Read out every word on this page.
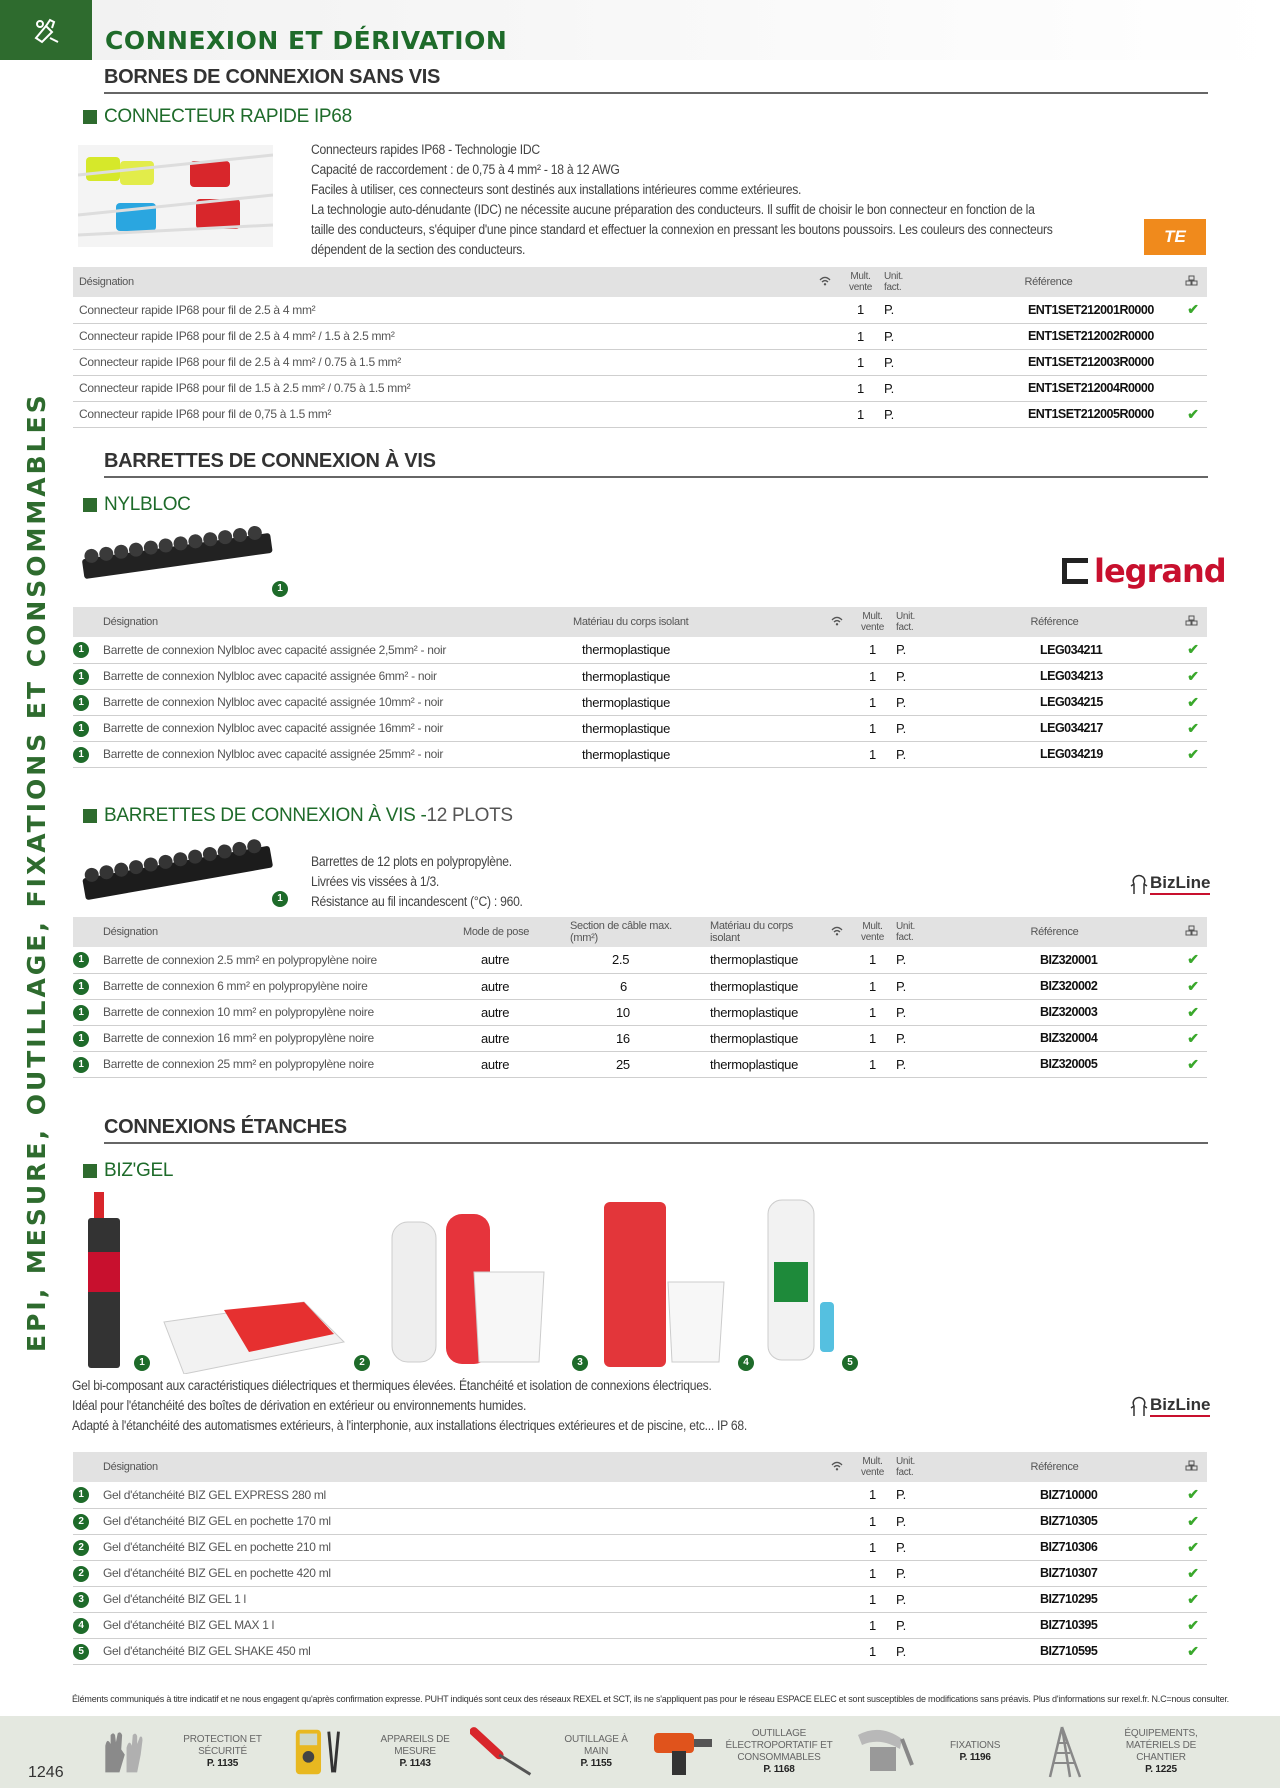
CONNEXION ET DÉRIVATION
EPI, MESURE, OUTILLAGE, FIXATIONS ET CONSOMMABLES
BORNES DE CONNEXION SANS VIS
CONNECTEUR RAPIDE IP68
Connecteurs rapides IP68 - Technologie IDC
Capacité de raccordement : de 0,75 à 4 mm² - 18 à 12 AWG
Faciles à utiliser, ces connecteurs sont destinés aux installations intérieures comme extérieures.
La technologie auto-dénudante (IDC) ne nécessite aucune préparation des conducteurs. Il suffit de choisir le bon connecteur en fonction de la
taille des conducteurs, s'équiper d'une pince standard et effectuer la connexion en pressant les boutons poussoirs. Les couleurs des connecteurs
dépendent de la section des conducteurs.
TE
Désignation		Mult.
vente	Unit.
fact.	Référence	
Connecteur rapide IP68 pour fil de 2.5 à 4 mm²		1	P.	ENT1SET212001R0000	✔
Connecteur rapide IP68 pour fil de 2.5 à 4 mm² / 1.5 à 2.5 mm²		1	P.	ENT1SET212002R0000	
Connecteur rapide IP68 pour fil de 2.5 à 4 mm² / 0.75 à 1.5 mm²		1	P.	ENT1SET212003R0000	
Connecteur rapide IP68 pour fil de 1.5 à 2.5 mm² / 0.75 à 1.5 mm²		1	P.	ENT1SET212004R0000	
Connecteur rapide IP68 pour fil de 0,75 à 1.5 mm²		1	P.	ENT1SET212005R0000	✔
BARRETTES DE CONNEXION À VIS
NYLBLOC
1	legrand
	Désignation	Matériau du corps isolant		Mult.
vente	Unit.
fact.	Référence	
1	Barrette de connexion Nylbloc avec capacité assignée 2,5mm² - noir	thermoplastique		1	P.	LEG034211	✔
1	Barrette de connexion Nylbloc avec capacité assignée 6mm² - noir	thermoplastique		1	P.	LEG034213	✔
1	Barrette de connexion Nylbloc avec capacité assignée 10mm² - noir	thermoplastique		1	P.	LEG034215	✔
1	Barrette de connexion Nylbloc avec capacité assignée 16mm² - noir	thermoplastique		1	P.	LEG034217	✔
1	Barrette de connexion Nylbloc avec capacité assignée 25mm² - noir	thermoplastique		1	P.	LEG034219	✔
BARRETTES DE CONNEXION À VIS - 12 PLOTS
1
Barrettes de 12 plots en polypropylène.
Livrées vis vissées à 1/3.
Résistance au fil incandescent (°C) : 960.
BizLine
	Désignation	Mode de pose	Section de câble max. (mm²)	Matériau du corps isolant		Mult.
vente	Unit.
fact.	Référence	
1	Barrette de connexion 2.5 mm² en polypropylène noire	autre	2.5	thermoplastique		1	P.	BIZ320001	✔
1	Barrette de connexion 6 mm² en polypropylène noire	autre	6	thermoplastique		1	P.	BIZ320002	✔
1	Barrette de connexion 10 mm² en polypropylène noire	autre	10	thermoplastique		1	P.	BIZ320003	✔
1	Barrette de connexion 16 mm² en polypropylène noire	autre	16	thermoplastique		1	P.	BIZ320004	✔
1	Barrette de connexion 25 mm² en polypropylène noire	autre	25	thermoplastique		1	P.	BIZ320005	✔
CONNEXIONS ÉTANCHES
BIZ'GEL
1	2	3	4	5
Gel bi-composant aux caractéristiques diélectriques et thermiques élevées. Étanchéité et isolation de connexions électriques.
Idéal pour l'étanchéité des boîtes de dérivation en extérieur ou environnements humides.
Adapté à l'étanchéité des automatismes extérieurs, à l'interphonie, aux installations électriques extérieures et de piscine, etc... IP 68.
BizLine
	Désignation		Mult.
vente	Unit.
fact.	Référence	
1	Gel d'étanchéité BIZ GEL EXPRESS 280 ml		1	P.	BIZ710000	✔
2	Gel d'étanchéité BIZ GEL en pochette 170 ml		1	P.	BIZ710305	✔
2	Gel d'étanchéité BIZ GEL en pochette 210 ml		1	P.	BIZ710306	✔
2	Gel d'étanchéité BIZ GEL en pochette 420 ml		1	P.	BIZ710307	✔
3	Gel d'étanchéité BIZ GEL 1 l		1	P.	BIZ710295	✔
4	Gel d'étanchéité BIZ GEL MAX 1 l		1	P.	BIZ710395	✔
5	Gel d'étanchéité BIZ GEL SHAKE 450 ml		1	P.	BIZ710595	✔
Éléments communiqués à titre indicatif et ne nous engagent qu'après confirmation expresse. PUHT indiqués sont ceux des réseaux REXEL et SCT, ils ne s'appliquent pas pour le réseau ESPACE ELEC et sont susceptibles de modifications sans préavis. Plus d'informations sur rexel.fr. N.C=nous consulter.
1246
PROTECTION ET SÉCURITÉ
P. 1135
APPAREILS DE MESURE
P. 1143
OUTILLAGE À MAIN
P. 1155
OUTILLAGE ÉLECTROPORTATIF ET CONSOMMABLES
P. 1168
FIXATIONS
P. 1196
ÉQUIPEMENTS, MATÉRIELS DE CHANTIER
P. 1225
